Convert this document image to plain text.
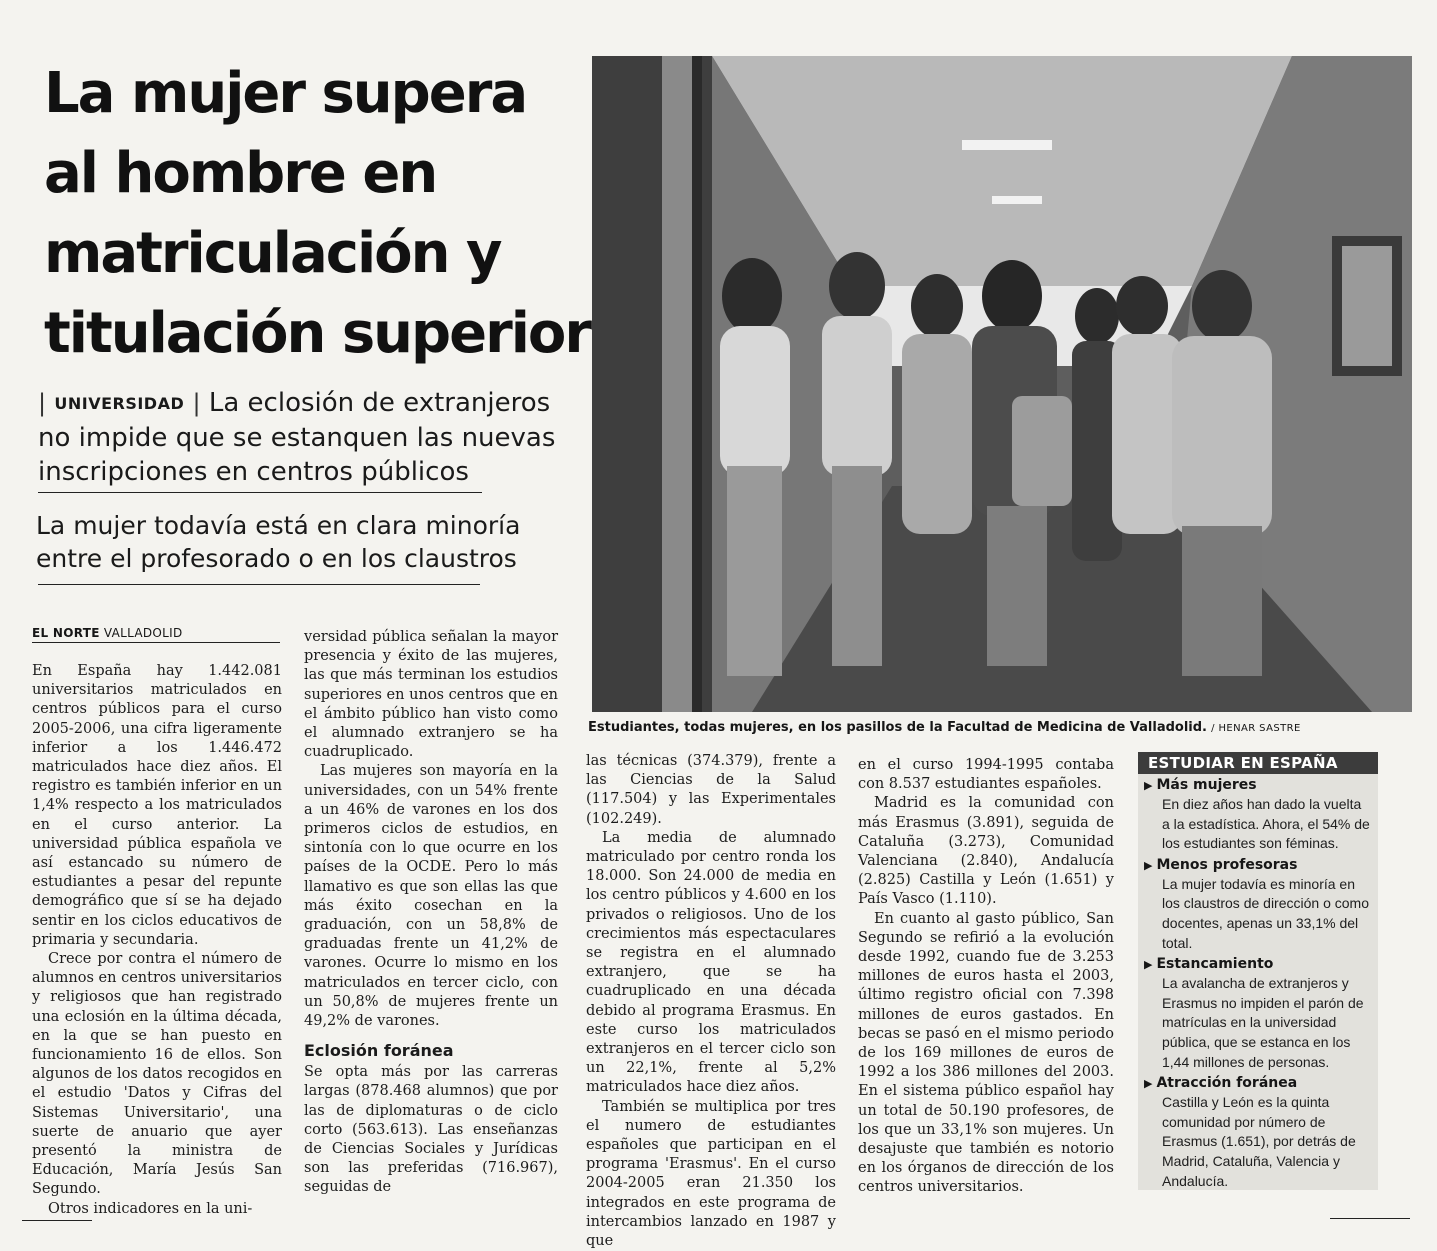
La mujer supera
al hombre en
matriculación y
titulación superior
| UNIVERSIDAD | La eclosión de extranjeros no impide que se estanquen las nuevas inscripciones en centros públicos
La mujer todavía está en clara minoría entre el profesorado o en los claustros
EL NORTE VALLADOLID

En España hay 1.442.081 universitarios matriculados en centros públicos para el curso 2005-2006, una cifra ligeramente inferior a los 1.446.472 matriculados hace diez años. El registro es también inferior en un 1,4% respecto a los matriculados en el curso anterior. La universidad pública española ve así estancado su número de estudiantes a pesar del repunte demográfico que sí se ha dejado sentir en los ciclos educativos de primaria y secundaria.

Crece por contra el número de alumnos en centros universitarios y religiosos que han registrado una eclosión en la última década, en la que se han puesto en funcionamiento 16 de ellos. Son algunos de los datos recogidos en el estudio 'Datos y Cifras del Sistemas Universitario', una suerte de anuario que ayer presentó la ministra de Educación, María Jesús San Segundo.

Otros indicadores en la uni-

versidad pública señalan la mayor presencia y éxito de las mujeres, las que más terminan los estudios superiores en unos centros que en el ámbito público han visto como el alumnado extranjero se ha cuadruplicado.

Las mujeres son mayoría en la universidades, con un 54% frente a un 46% de varones en los dos primeros ciclos de estudios, en sintonía con lo que ocurre en los países de la OCDE. Pero lo más llamativo es que son ellas las que más éxito cosechan en la graduación, con un 58,8% de graduadas frente un 41,2% de varones. Ocurre lo mismo en los matriculados en tercer ciclo, con un 50,8% de mujeres frente un 49,2% de varones.

Eclosión foránea

Se opta más por las carreras largas (878.468 alumnos) que por las de diplomaturas o de ciclo corto (563.613). Las enseñanzas de Ciencias Sociales y Jurídicas son las preferidas (716.967), seguidas de

Estudiantes, todas mujeres, en los pasillos de la Facultad de Medicina de Valladolid. / HENAR SASTRE

las técnicas (374.379), frente a las Ciencias de la Salud (117.504) y las Experimentales (102.249).

La media de alumnado matriculado por centro ronda los 18.000. Son 24.000 de media en los centro públicos y 4.600 en los privados o religiosos. Uno de los crecimientos más espectaculares se registra en el alumnado extranjero, que se ha cuadruplicado en una década debido al programa Erasmus. En este curso los matriculados extranjeros en el tercer ciclo son un 22,1%, frente al 5,2% matriculados hace diez años.

También se multiplica por tres el numero de estudiantes españoles que participan en el programa 'Erasmus'. En el curso 2004-2005 eran 21.350 los integrados en este programa de intercambios lanzado en 1987 y que

en el curso 1994-1995 contaba con 8.537 estudiantes españoles.

Madrid es la comunidad con más Erasmus (3.891), seguida de Cataluña (3.273), Comunidad Valenciana (2.840), Andalucía (2.825) Castilla y León (1.651) y País Vasco (1.110).

En cuanto al gasto público, San Segundo se refirió a la evolución desde 1992, cuando fue de 3.253 millones de euros hasta el 2003, último registro oficial con 7.398 millones de euros gastados. En becas se pasó en el mismo periodo de los 169 millones de euros de 1992 a los 386 millones del 2003. En el sistema público español hay un total de 50.190 profesores, de los que un 33,1% son mujeres. Un desajuste que también es notorio en los órganos de dirección de los centros universitarios.

ESTUDIAR EN ESPAÑA
▶ Más mujeres

En diez años han dado la vuelta a la estadística. Ahora, el 54% de los estudiantes son féminas.

▶ Menos profesoras

La mujer todavía es minoría en los claustros de dirección o como docentes, apenas un 33,1% del total.

▶ Estancamiento

La avalancha de extranjeros y Erasmus no impiden el parón de matrículas en la universidad pública, que se estanca en los 1,44 millones de personas.

▶ Atracción foránea

Castilla y León es la quinta comunidad por número de Erasmus (1.651), por detrás de Madrid, Cataluña, Valencia y Andalucía.
